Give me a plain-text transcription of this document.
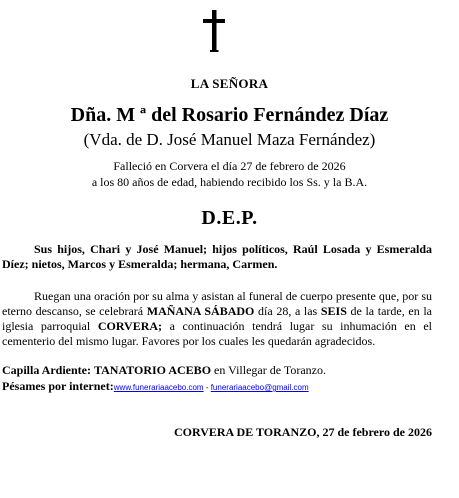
LA SEÑORA
Dña. M ª del Rosario Fernández Díaz
(Vda. de D. José Manuel Maza Fernández)
Falleció en Corvera el día 27 de febrero de 2026
a los 80 años de edad, habiendo recibido los Ss. y la B.A.
D.E.P.
Sus hijos, Chari y José Manuel; hijos políticos, Raúl Losada y Esmeralda Díez; nietos, Marcos y Esmeralda; hermana, Carmen.
Ruegan una oración por su alma y asistan al funeral de cuerpo presente que, por su eterno descanso, se celebrará MAÑANA SÁBADO día 28, a las SEIS de la tarde, en la iglesia parroquial CORVERA; a continuación tendrá lugar su inhumación en el cementerio del mismo lugar. Favores por los cuales les quedarán agradecidos.
Capilla Ardiente: TANATORIO ACEBO en Villegar de Toranzo.
Pésames por internet:www.funerariaacebo.com - funerariaacebo@gmail.com
CORVERA DE TORANZO, 27 de febrero de 2026
